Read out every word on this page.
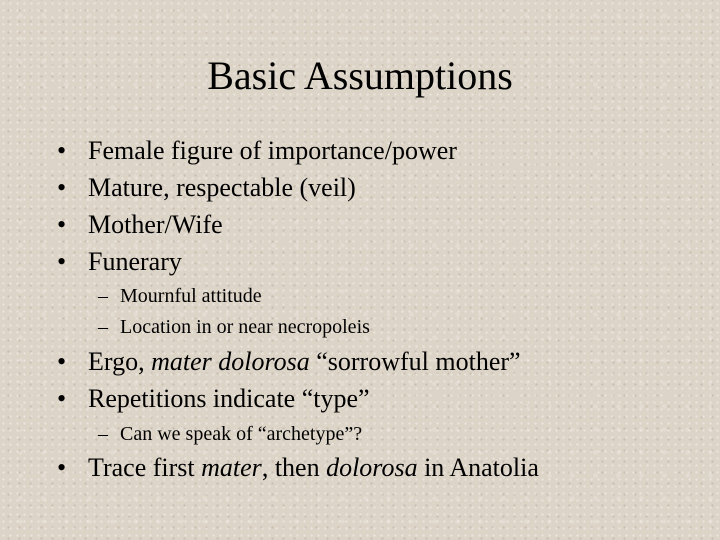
Basic Assumptions
• Female figure of importance/power
• Mature, respectable (veil)
• Mother/Wife
• Funerary
– Mournful attitude
– Location in or near necropoleis
• Ergo, mater dolorosa “sorrowful mother”
• Repetitions indicate “type”
– Can we speak of “archetype”?
• Trace first mater, then dolorosa in Anatolia
